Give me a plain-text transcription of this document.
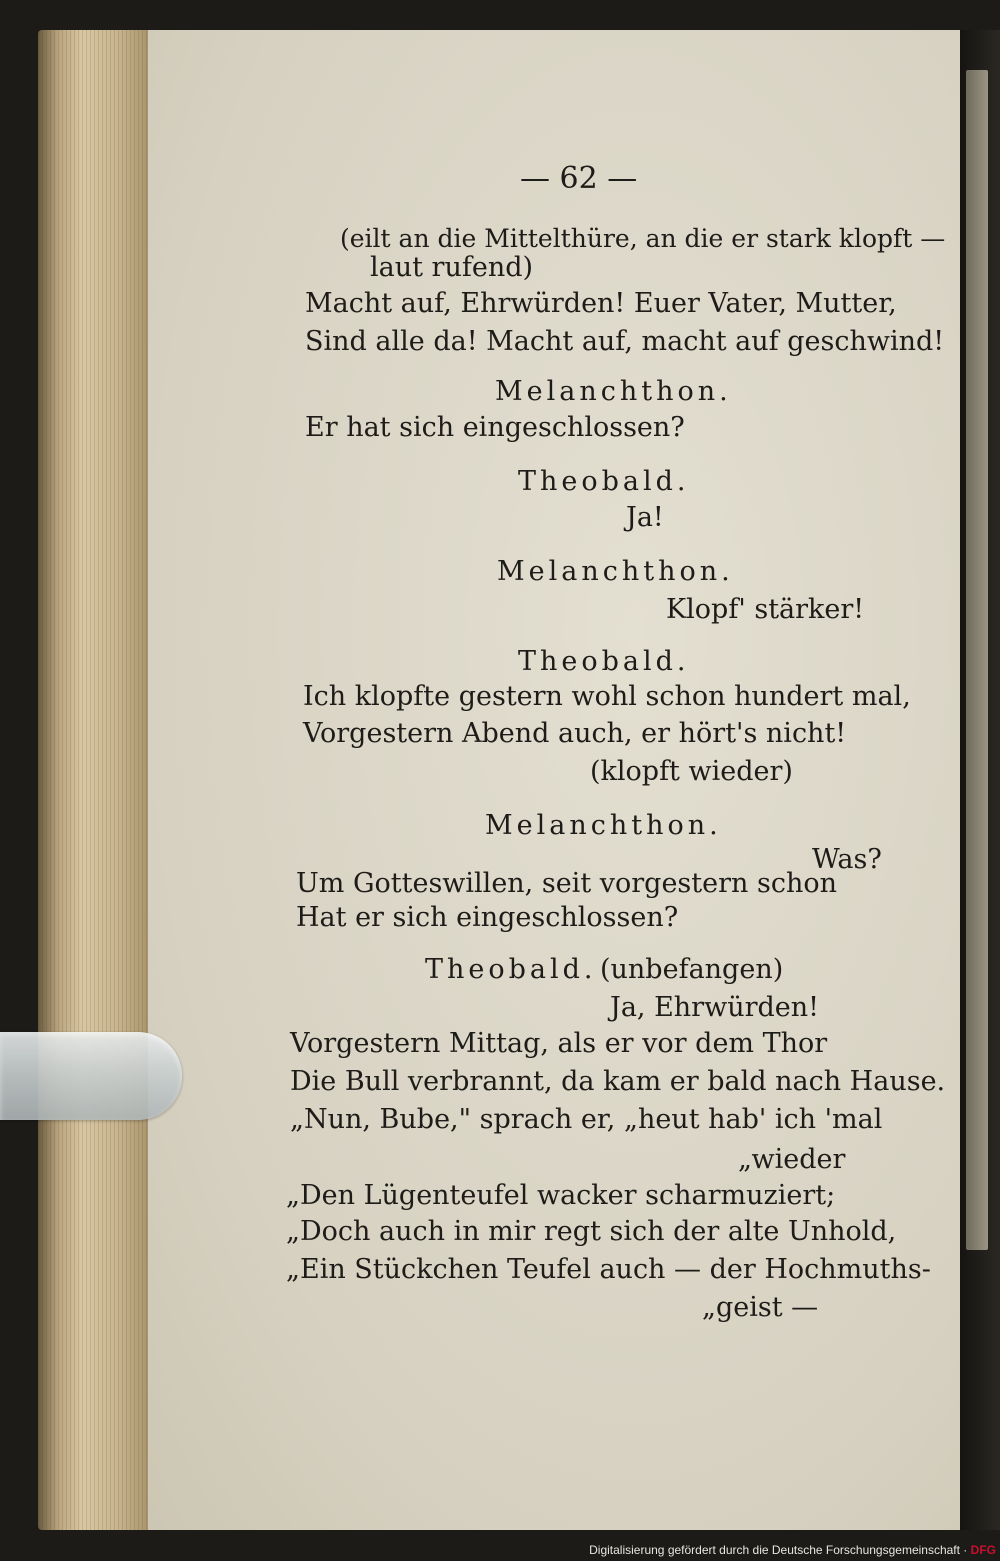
— 62 —

(eilt an die Mittelthüre, an die er stark klopft —

laut rufend)

Macht auf, Ehrwürden! Euer Vater, Mutter,

Sind alle da! Macht auf, macht auf geschwind!

Melanchthon.

Er hat sich eingeschlossen?

Theobald.

Ja!

Melanchthon.

Klopf' stärker!

Theobald.

Ich klopfte gestern wohl schon hundert mal,

Vorgestern Abend auch, er hört's nicht!

(klopft wieder)

Melanchthon.

Was?

Um Gotteswillen, seit vorgestern schon

Hat er sich eingeschlossen?

Theobald. (unbefangen)

Ja, Ehrwürden!

Vorgestern Mittag, als er vor dem Thor

Die Bull verbrannt, da kam er bald nach Hause.

„Nun, Bube," sprach er, „heut hab' ich 'mal

„wieder

„Den Lügenteufel wacker scharmuziert;

„Doch auch in mir regt sich der alte Unhold,

„Ein Stückchen Teufel auch — der Hochmuths-

„geist —

Digitalisierung gefördert durch die Deutsche Forschungsgemeinschaft · DFG
